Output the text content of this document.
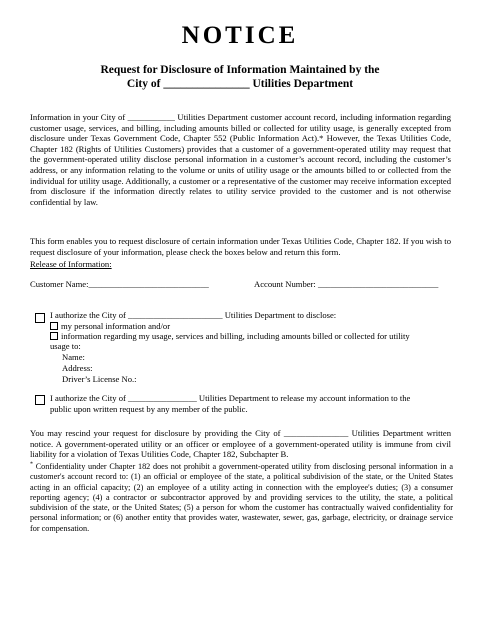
NOTICE
Request for Disclosure of Information Maintained by the
City of _______________ Utilities Department
Information in your City of ___________ Utilities Department customer account record, including information regarding customer usage, services, and billing, including amounts billed or collected for utility usage, is generally excepted from disclosure under Texas Government Code, Chapter 552 (Public Information Act).* However, the Texas Utilities Code, Chapter 182 (Rights of Utilities Customers) provides that a customer of a government-operated utility may request that the government-operated utility disclose personal information in a customer’s account record, including the customer’s address, or any information relating to the volume or units of utility usage or the amounts billed to or collected from the individual for utility usage. Additionally, a customer or a representative of the customer may receive information excepted from disclosure if the information directly relates to utility service provided to the customer and is not otherwise confidential by law.
This form enables you to request disclosure of certain information under Texas Utilities Code, Chapter 182. If you wish to request disclosure of your information, please check the boxes below and return this form.
Release of Information:
Customer Name:____________________________	Account Number: ____________________________
I authorize the City of ______________________ Utilities Department to disclose:
my personal information and/or
information regarding my usage, services and billing, including amounts billed or collected for utility
usage to:
Name:
Address:
Driver’s License No.:
I authorize the City of ________________ Utilities Department to release my account information to the
public upon written request by any member of the public.
You may rescind your request for disclosure by providing the City of _______________ Utilities Department written notice. A government-operated utility or an officer or employee of a government-operated utility is immune from civil liability for a violation of Texas Utilities Code, Chapter 182, Subchapter B.
* Confidentiality under Chapter 182 does not prohibit a government-operated utility from disclosing personal information in a customer's account record to: (1) an official or employee of the state, a political subdivision of the state, or the United States acting in an official capacity; (2) an employee of a utility acting in connection with the employee's duties; (3) a consumer reporting agency; (4) a contractor or subcontractor approved by and providing services to the utility, the state, a political subdivision of the state, or the United States; (5) a person for whom the customer has contractually waived confidentiality for personal information; or (6) another entity that provides water, wastewater, sewer, gas, garbage, electricity, or drainage service for compensation.
